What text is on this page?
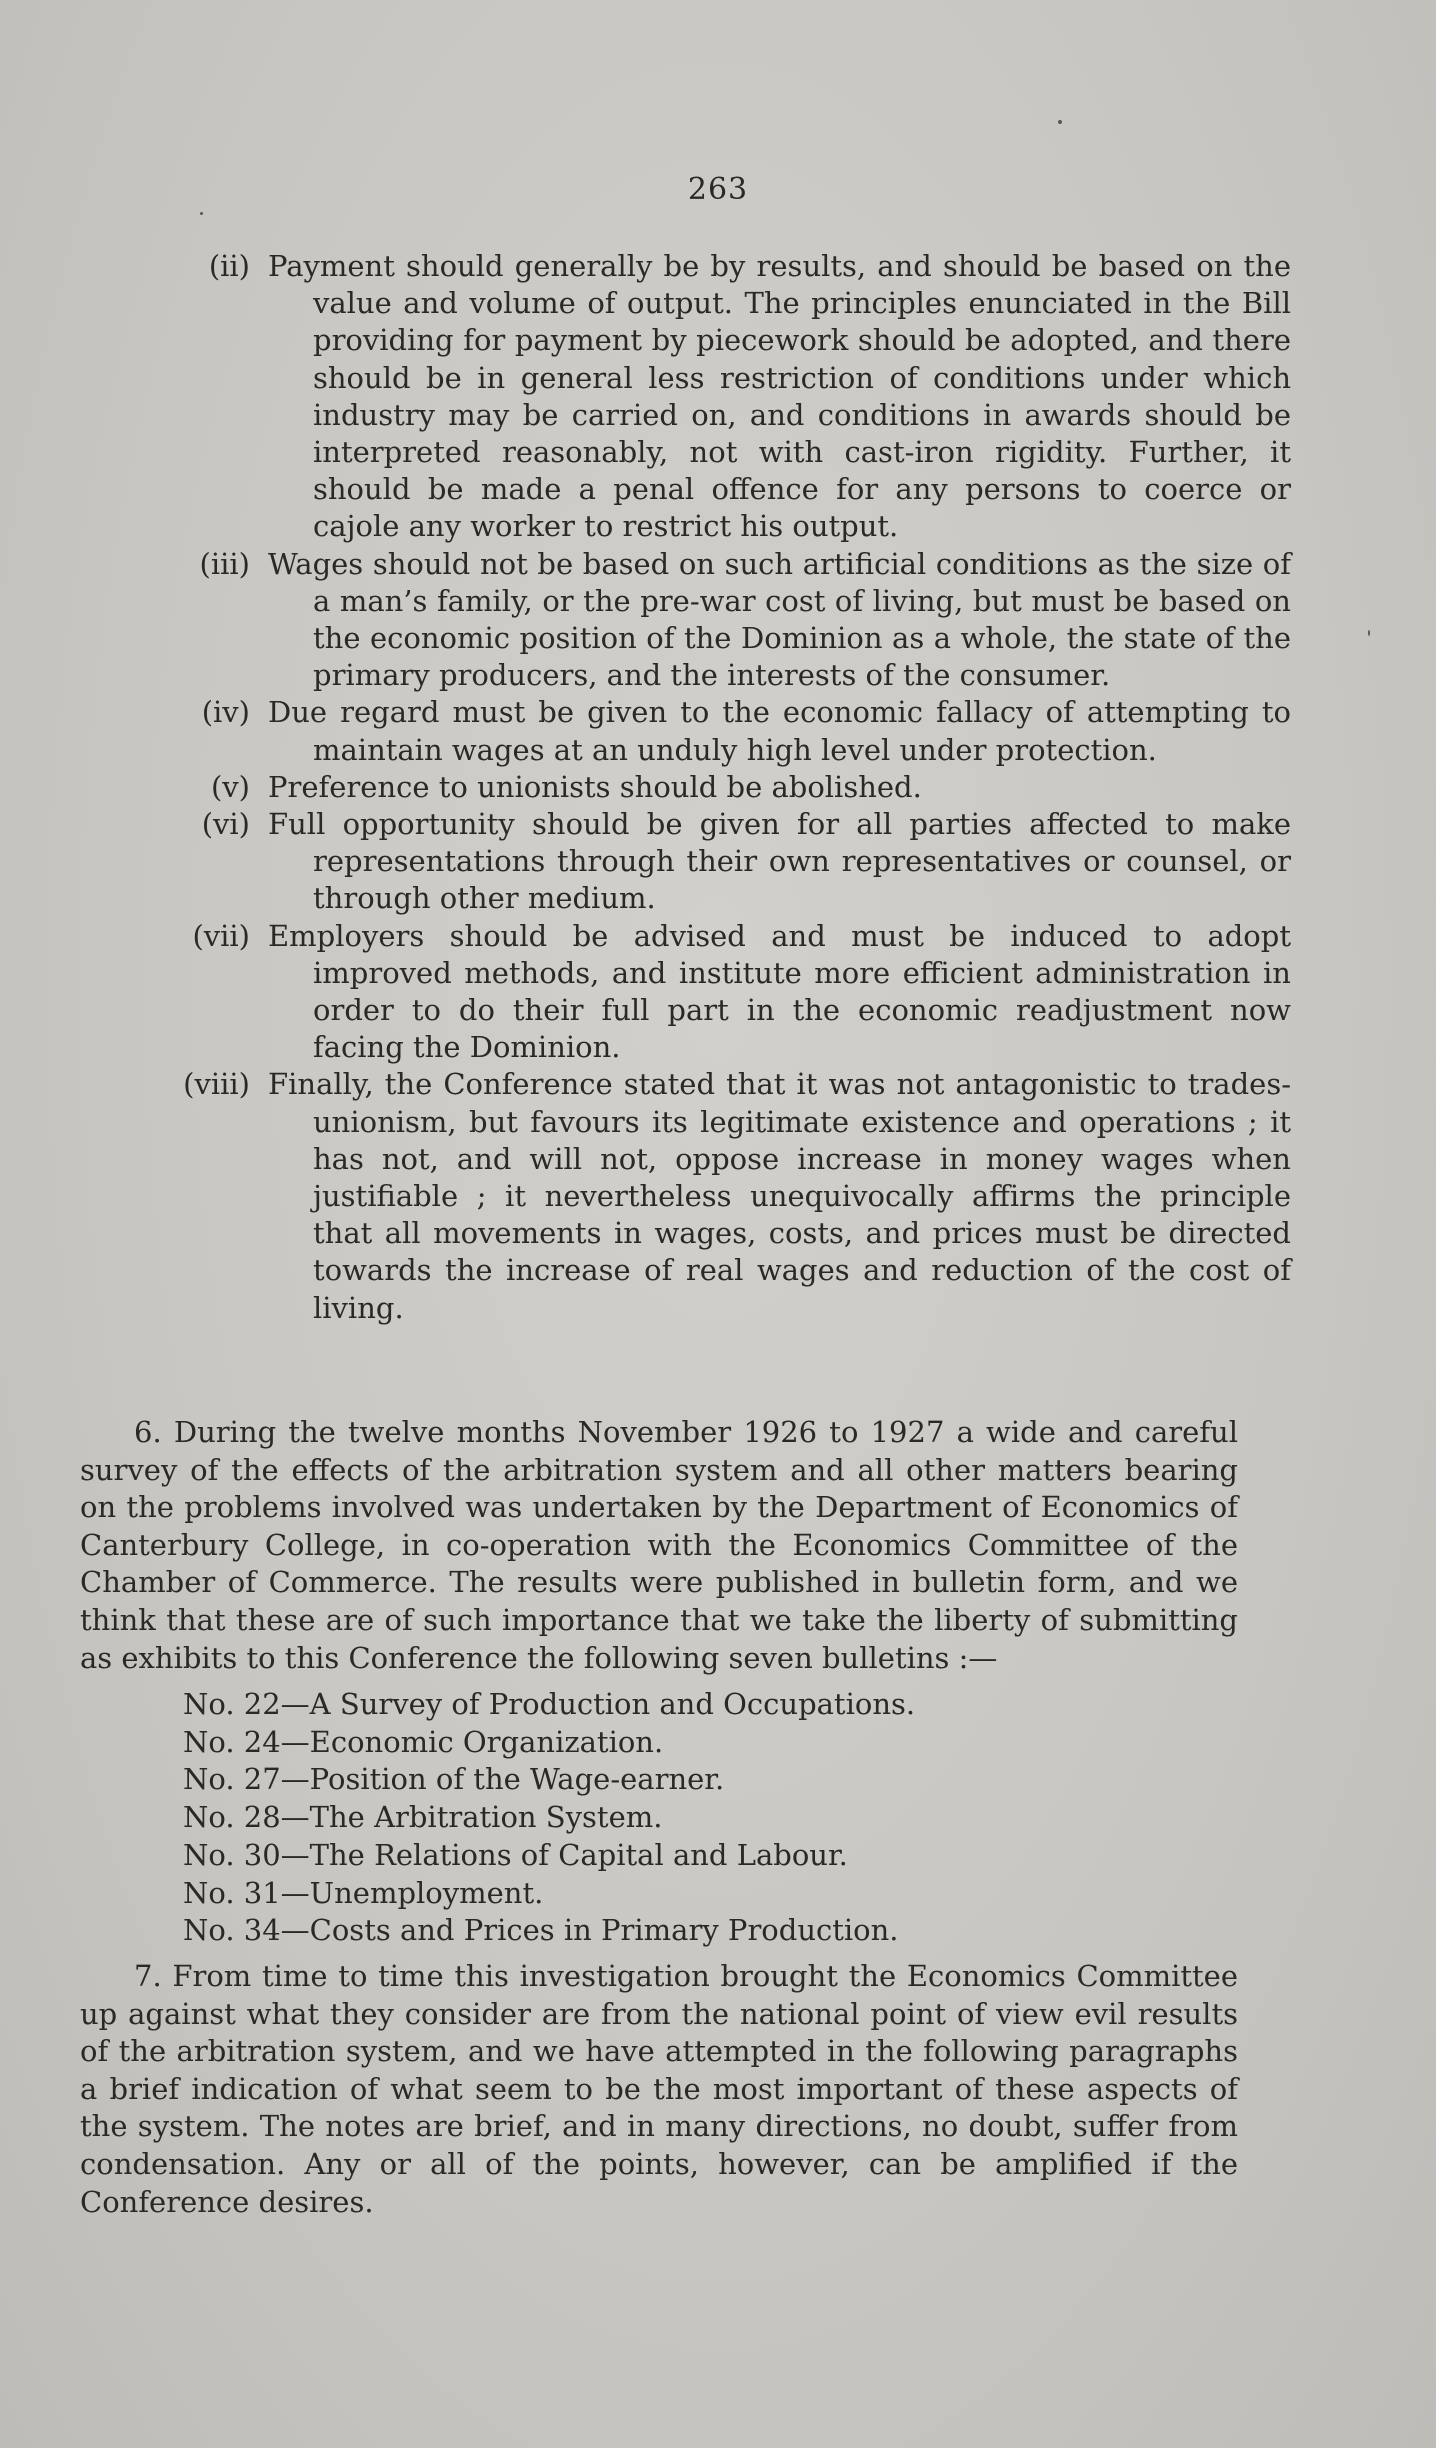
263
(ii) Payment should generally be by results, and should be based on the value and volume of output. The principles enunciated in the Bill providing for payment by piecework should be adopted, and there should be in general less restriction of conditions under which industry may be carried on, and conditions in awards should be interpreted reasonably, not with cast-iron rigidity. Further, it should be made a penal offence for any persons to coerce or cajole any worker to restrict his output.

(iii) Wages should not be based on such artificial conditions as the size of a man’s family, or the pre-war cost of living, but must be based on the economic position of the Dominion as a whole, the state of the primary producers, and the interests of the consumer.

(iv) Due regard must be given to the economic fallacy of attempting to maintain wages at an unduly high level under protection.

(v) Preference to unionists should be abolished.

(vi) Full opportunity should be given for all parties affected to make representations through their own representatives or counsel, or through other medium.

(vii) Employers should be advised and must be induced to adopt improved methods, and institute more efficient administration in order to do their full part in the economic readjustment now facing the Dominion.

(viii) Finally, the Conference stated that it was not antagonistic to trades-unionism, but favours its legitimate existence and operations ; it has not, and will not, oppose increase in money wages when justifiable ; it nevertheless unequivocally affirms the principle that all movements in wages, costs, and prices must be directed towards the increase of real wages and reduction of the cost of living.

6. During the twelve months November 1926 to 1927 a wide and careful survey of the effects of the arbitration system and all other matters bearing on the problems involved was undertaken by the Department of Economics of Canterbury College, in co-operation with the Economics Committee of the Chamber of Commerce. The results were published in bulletin form, and we think that these are of such importance that we take the liberty of submitting as exhibits to this Conference the following seven bulletins :—

No. 22—A Survey of Production and Occupations.
No. 24—Economic Organization.
No. 27—Position of the Wage-earner.
No. 28—The Arbitration System.
No. 30—The Relations of Capital and Labour.
No. 31—Unemployment.
No. 34—Costs and Prices in Primary Production.

7. From time to time this investigation brought the Economics Committee up against what they consider are from the national point of view evil results of the arbitration system, and we have attempted in the following paragraphs a brief indication of what seem to be the most important of these aspects of the system. The notes are brief, and in many directions, no doubt, suffer from condensation. Any or all of the points, however, can be amplified if the Conference desires.
